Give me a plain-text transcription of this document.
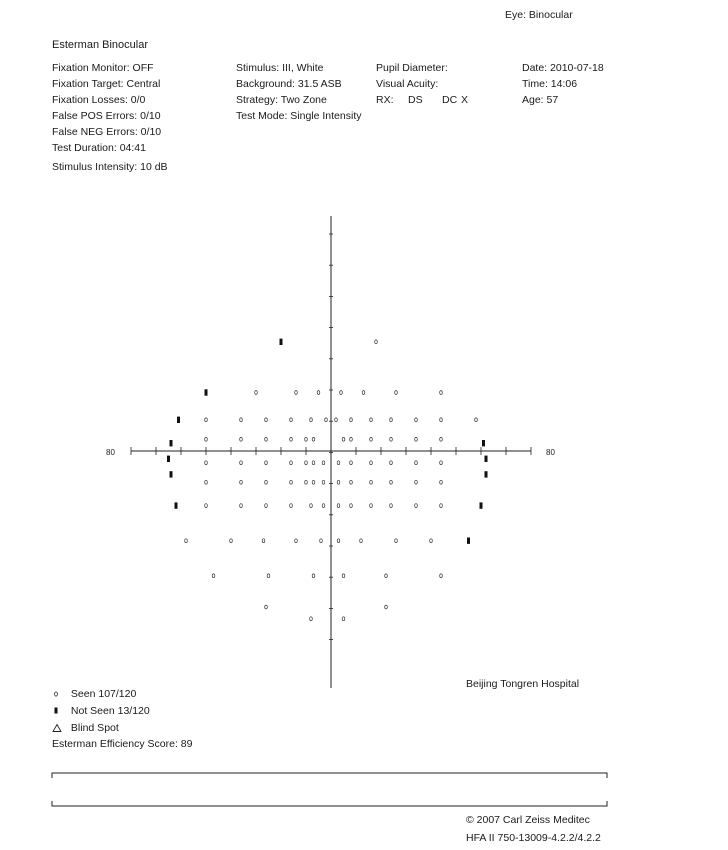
Eye: Binocular
Esterman Binocular
Fixation Monitor: OFF
Fixation Target: Central
Fixation Losses: 0/0
False POS Errors: 0/10
False NEG Errors: 0/10
Test Duration: 04:41
Stimulus Intensity: 10 dB
Stimulus: III, White
Background: 31.5 ASB
Strategy: Two Zone
Test Mode: Single Intensity
Pupil Diameter:
Visual Acuity:
RX: DS DC X
Date: 2010-07-18
Time: 14:06
Age: 57
80	80
Beijing Tongren Hospital
Seen 107/120
Not Seen 13/120
Blind Spot
Esterman Efficiency Score: 89
© 2007 Carl Zeiss Meditec
HFA II 750-13009-4.2.2/4.2.2
